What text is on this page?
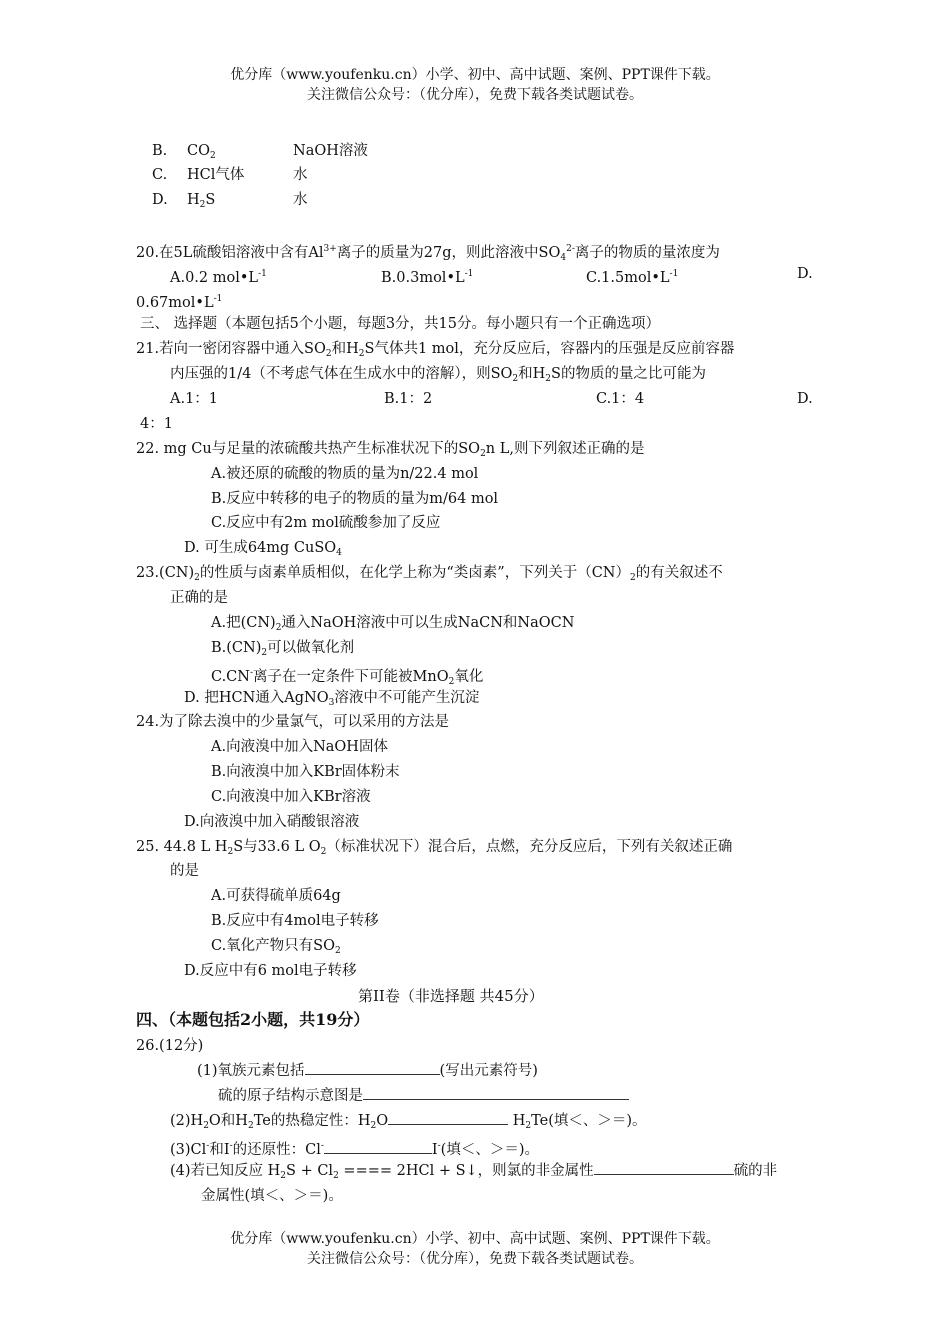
优分库（www.youfenku.cn）小学、初中、高中试题、案例、PPT课件下载。
关注微信公众号：（优分库），免费下载各类试题试卷。
B. $CO_2$	NaOH溶液
C. HCl气体	水
D. $H_2S$	水
20.在5L硫酸铝溶液中含有$Al^{3+}$离子的质量为27g，则此溶液中$SO_4^{2-}$离子的物质的量浓度为
A.0.2 $mol•L^{-1}$	$B.0.3mol•L^{-1}$	$C.1.5mol•L^{-1}$	D.
$0.67mol•L^{-1}$
三、 选择题（本题包括5个小题，每题3分，共15分。每小题只有一个正确选项）
21.若向一密闭容器中通入$SO_2$和$H_2S$气体共1 mol，充分反应后，容器内的压强是反应前容器
内压强的1/4（不考虑气体在生成水中的溶解），则$SO_2$和$H_2S$的物质的量之比可能为
A.1：1	B.1：2	C.1：4	D.
4：1
22. mg Cu与足量的浓硫酸共热产生标准状况下的$SO_2n$ L,则下列叙述正确的是
A.被还原的硫酸的物质的量为n/22.4 mol
B.反应中转移的电子的物质的量为m/64 mol
C.反应中有2m mol硫酸参加了反应
D. 可生成64mg CuSO$_4$
$23.(CN)_2$的性质与卤素单质相似，在化学上称为“类卤素”，下列关于$(CN)_2$的有关叙述不
正确的是
A.把$(CN)_2$通入NaOH溶液中可以生成NaCN和NaOCN
$B.(CN)_2$可以做氧化剂
C.CN-离子在一定条件下可能被MnO$_2$氧化
D. 把HCN通入AgNO$_3$溶液中不可能产生沉淀
24.为了除去溴中的少量氯气，可以采用的方法是
A.向液溴中加入NaOH固体
B.向液溴中加入KBr固体粉末
C.向液溴中加入KBr溶液
D.向液溴中加入硝酸银溶液
25. 44.8 L $H_2S$与33.6 L $O_2$（标准状况下）混合后，点燃，充分反应后，下列有关叙述正确
的是
A.可获得硫单质64g
B.反应中有4mol电子转移
C.氧化产物只有$SO_2$
D.反应中有6 mol电子转移
第II卷（非选择题 共45分）
四、（本题包括2小题，共19分）
26.(12分)
(1)氧族元素包括	(写出元素符号)
硫的原子结构示意图是
$(2)H_2O$和$H_2Te$的热稳定性：$H_2O$	$H_2Te$(填＜、＞＝)。
(3)Cl-和I-的还原性：Cl-	I-(填＜、＞＝)。
(4)若已知反应 $H_2S + Cl_2$ ==== 2HCl + S↓，则氯的非金属性	硫的非
金属性(填＜、＞＝)。
优分库（www.youfenku.cn）小学、初中、高中试题、案例、PPT课件下载。
关注微信公众号：（优分库），免费下载各类试题试卷。
